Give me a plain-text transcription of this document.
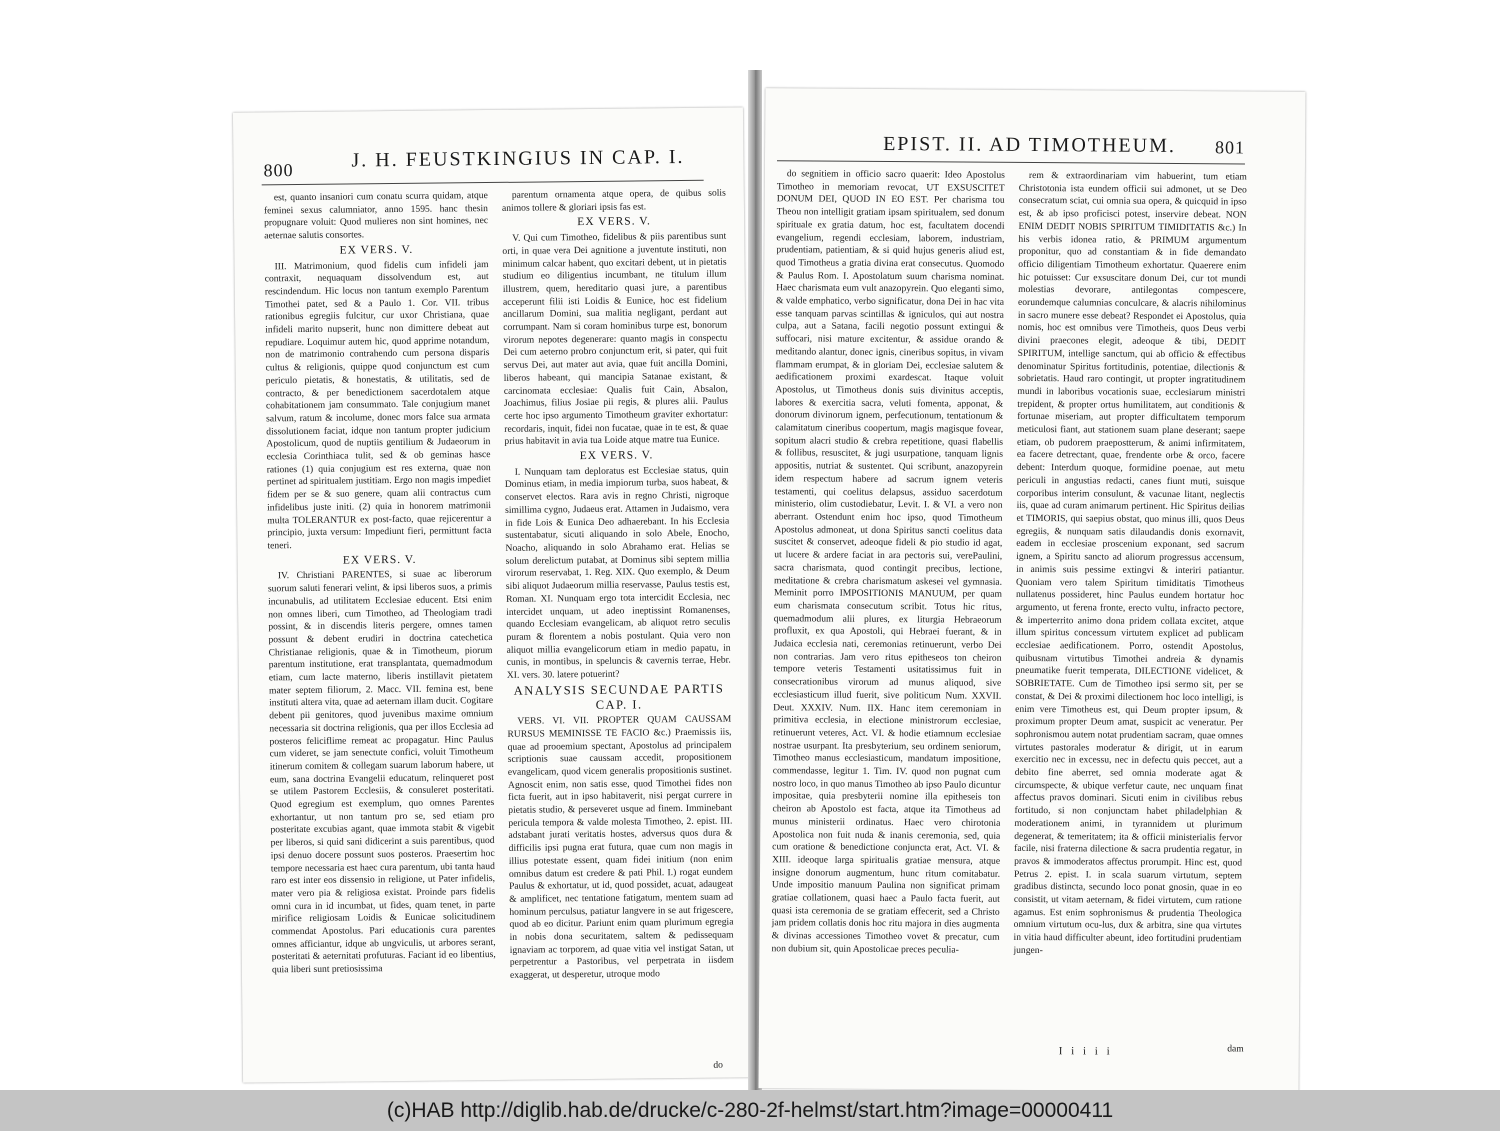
800	J. H. FEUSTKINGIUS IN CAP. I.

est, quanto insaniori cum conatu scurra quidam, atque feminei sexus calumniator, anno 1595. hanc thesin propugnare voluit: Quod mulieres non sint homines, nec aeternae salutis consortes.

EX VERS. V.

III. Matrimonium, quod fidelis cum infideli jam contraxit, nequaquam dissolvendum est, aut rescindendum. Hic locus non tantum exemplo Parentum Timothei patet, sed & a Paulo 1. Cor. VII. tribus rationibus egregiis fulcitur, cur uxor Christiana, quae infideli marito nupserit, hunc non dimittere debeat aut repudiare. Loquimur autem hic, quod apprime notandum, non de matrimonio contrahendo cum persona disparis cultus & religionis, quippe quod conjunctum est cum periculo pietatis, & honestatis, & utilitatis, sed de contracto, & per benedictionem sacerdotalem atque cohabitationem jam consummato. Tale conjugium manet salvum, ratum & incolume, donec mors falce sua armata dissolutionem faciat, idque non tantum propter judicium Apostolicum, quod de nuptiis gentilium & Judaeorum in ecclesia Corinthiaca tulit, sed & ob geminas hasce rationes (1) quia conjugium est res externa, quae non pertinet ad spiritualem justitiam. Ergo non magis impediet fidem per se & suo genere, quam alii contractus cum infidelibus juste initi. (2) quia in honorem matrimonii multa TOLERANTUR ex post-facto, quae rejicerentur a principio, juxta versum: Impediunt fieri, permittunt facta teneri.

EX VERS. V.

IV. Christiani PARENTES, si suae ac liberorum suorum saluti fenerari velint, & ipsi liberos suos, a primis incunabulis, ad utilitatem Ecclesiae educent. Etsi enim non omnes liberi, cum Timotheo, ad Theologiam tradi possint, & in discendis literis pergere, omnes tamen possunt & debent erudiri in doctrina catechetica Christianae religionis, quae & in Timotheum, piorum parentum institutione, erat transplantata, quemadmodum etiam, cum lacte materno, liberis instillavit pietatem mater septem filiorum, 2. Macc. VII. femina est, bene instituti altera vita, quae ad aeternam illam ducit. Cogitare debent pii genitores, quod juvenibus maxime omnium necessaria sit doctrina religionis, qua per illos Ecclesia ad posteros feliciflime remeat ac propagatur. Hinc Paulus cum videret, se jam senectute confici, voluit Timotheum itinerum comitem & collegam suarum laborum habere, ut eum, sana doctrina Evangelii educatum, relinqueret post se utilem Pastorem Ecclesiis, & consuleret posteritati. Quod egregium est exemplum, quo omnes Parentes exhortantur, ut non tantum pro se, sed etiam pro posteritate excubias agant, quae immota stabit & vigebit per liberos, si quid sani didicerint a suis parentibus, quod ipsi denuo docere possunt suos posteros. Praesertim hoc tempore necessaria est haec cura parentum, ubi tanta haud raro est inter eos dissensio in religione, ut Pater infidelis, mater vero pia & religiosa existat. Proinde pars fidelis omni cura in id incumbat, ut fides, quam tenet, in parte mirifice religiosam Loidis & Eunicae solicitudinem commendat Apostolus. Pari educationis cura parentes omnes afficiantur, idque ab ungviculis, ut arbores serant, posteritati & aeternitati profuturas. Faciant id eo libentius, quia liberi sunt pretiosissima

parentum ornamenta atque opera, de quibus solis animos tollere & gloriari ipsis fas est.

EX VERS. V.

V. Qui cum Timotheo, fidelibus & piis parentibus sunt orti, in quae vera Dei agnitione a juventute instituti, non minimum calcar habent, quo excitari debent, ut in pietatis studium eo diligentius incumbant, ne titulum illum illustrem, quem, hereditario quasi jure, a parentibus acceperunt filii isti Loidis & Eunice, hoc est fidelium ancillarum Domini, sua malitia negligant, perdant aut corrumpant. Nam si coram hominibus turpe est, bonorum virorum nepotes degenerare: quanto magis in conspectu Dei cum aeterno probro conjunctum erit, si pater, qui fuit servus Dei, aut mater aut avia, quae fuit ancilla Domini, liberos habeant, qui mancipia Satanae existant, & carcinomata ecclesiae: Qualis fuit Cain, Absalon, Joachimus, filius Josiae pii regis, & plures alii. Paulus certe hoc ipso argumento Timotheum graviter exhortatur: recordaris, inquit, fidei non fucatae, quae in te est, & quae prius habitavit in avia tua Loide atque matre tua Eunice.

EX VERS. V.

I. Nunquam tam deploratus est Ecclesiae status, quin Dominus etiam, in media impiorum turba, suos habeat, & conservet electos. Rara avis in regno Christi, nigroque simillima cygno, Judaeus erat. Attamen in Judaismo, vera in fide Lois & Eunica Deo adhaerebant. In his Ecclesia sustentabatur, sicuti aliquando in solo Abele, Enocho, Noacho, aliquando in solo Abrahamo erat. Helias se solum derelictum putabat, at Dominus sibi septem millia virorum reservabat, 1. Reg. XIX. Quo exemplo, & Deum sibi aliquot Judaeorum millia reservasse, Paulus testis est, Roman. XI. Nunquam ergo tota intercidit Ecclesia, nec intercidet unquam, ut adeo ineptissint Romanenses, quando Ecclesiam evangelicam, ab aliquot retro seculis puram & florentem a nobis postulant. Quia vero non aliquot millia evangelicorum etiam in medio papatu, in cunis, in montibus, in speluncis & cavernis terrae, Hebr. XI. vers. 30. latere potuerint?

ANALYSIS SECUNDAE PARTIS
CAP. I.

VERS. VI. VII. PROPTER QUAM CAUSSAM RURSUS MEMINISSE TE FACIO &c.) Praemissis iis, quae ad prooemium spectant, Apostolus ad principalem scriptionis suae caussam accedit, propositionem evangelicam, quod vicem generalis propositionis sustinet. Agnoscit enim, non satis esse, quod Timothei fides non ficta fuerit, aut in ipso habitaverit, nisi pergat currere in pietatis studio, & perseveret usque ad finem. Imminebant pericula tempora & valde molesta Timotheo, 2. epist. III. adstabant jurati veritatis hostes, adversus quos dura & difficilis ipsi pugna erat futura, quae cum non magis in illius potestate essent, quam fidei initium (non enim omnibus datum est credere & pati Phil. I.) rogat eundem Paulus & exhortatur, ut id, quod possidet, acuat, adaugeat & amplificet, nec tentatione fatigatum, mentem suam ad hominum perculsus, patiatur langvere in se aut frigescere, quod ab eo dicitur. Pariunt enim quam plurimum egregia in nobis dona securitatem, saltem & pedissequam ignaviam ac torporem, ad quae vitia vel instigat Satan, ut perpetrentur a Pastoribus, vel perpetrata in iisdem exaggerat, ut desperetur, utroque modo

do
EPIST. II. AD TIMOTHEUM. 801

do segnitiem in officio sacro quaerit: Ideo Apostolus Timotheo in memoriam revocat, UT EXSUSCITET DONUM DEI, QUOD IN EO EST. Per charisma tou Theou non intelligit gratiam ipsam spiritualem, sed donum spirituale ex gratia datum, hoc est, facultatem docendi evangelium, regendi ecclesiam, laborem, industriam, prudentiam, patientiam, & si quid hujus generis aliud est, quod Timotheus a gratia divina erat consecutus. Quomodo & Paulus Rom. I. Apostolatum suum charisma nominat. Haec charismata eum vult anazopyrein. Quo eleganti simo, & valde emphatico, verbo significatur, dona Dei in hac vita esse tanquam parvas scintillas & igniculos, qui aut nostra culpa, aut a Satana, facili negotio possunt extingui & suffocari, nisi mature excitentur, & assidue orando & meditando alantur, donec ignis, cineribus sopitus, in vivam flammam erumpat, & in gloriam Dei, ecclesiae salutem & aedificationem proximi exardescat. Itaque voluit Apostolus, ut Timotheus donis suis divinitus acceptis, labores & exercitia sacra, veluti fomenta, apponat, & donorum divinorum ignem, perfecutionum, tentationum & calamitatum cineribus coopertum, magis magisque fovear, sopitum alacri studio & crebra repetitione, quasi flabellis & follibus, resuscitet, & jugi usurpatione, tanquam lignis appositis, nutriat & sustentet. Qui scribunt, anazopyrein idem respectum habere ad sacrum ignem veteris testamenti, qui coelitus delapsus, assiduo sacerdotum ministerio, olim custodiebatur, Levit. I. & VI. a vero non aberrant. Ostendunt enim hoc ipso, quod Timotheum Apostolus admoneat, ut dona Spiritus sancti coelitus data suscitet & conservet, adeoque fideli & pio studio id agat, ut lucere & ardere faciat in ara pectoris sui, verePaulini, sacra charismata, quod contingit precibus, lectione, meditatione & crebra charismatum askesei vel gymnasia. Meminit porro IMPOSITIONIS MANUUM, per quam eum charismata consecutum scribit. Totus hic ritus, quemadmodum alii plures, ex liturgia Hebraeorum profluxit, ex qua Apostoli, qui Hebraei fuerant, & in Judaica ecclesia nati, ceremonias retinuerunt, verbo Dei non contrarias. Jam vero ritus epitheseos ton cheiron tempore veteris Testamenti usitatissimus fuit in consecrationibus virorum ad munus aliquod, sive ecclesiasticum illud fuerit, sive politicum Num. XXVII. Deut. XXXIV. Num. IIX. Hanc item ceremoniam in primitiva ecclesia, in electione ministrorum ecclesiae, retinuerunt veteres, Act. VI. & hodie etiamnum ecclesiae nostrae usurpant. Ita presbyterium, seu ordinem seniorum, Timotheo manus ecclesiasticum, mandatum impositione, commendasse, legitur 1. Tim. IV. quod non pugnat cum nostro loco, in quo manus Timotheo ab ipso Paulo dicuntur impositae, quia presbyterii nomine illa epitheseis ton cheiron ab Apostolo est facta, atque ita Timotheus ad munus ministerii ordinatus. Haec vero chirotonia Apostolica non fuit nuda & inanis ceremonia, sed, quia cum oratione & benedictione conjuncta erat, Act. VI. & XIII. ideoque larga spiritualis gratiae mensura, atque insigne donorum augmentum, hunc ritum comitabatur. Unde impositio manuum Paulina non significat primam gratiae collationem, quasi haec a Paulo facta fuerit, aut quasi ista ceremonia de se gratiam effecerit, sed a Christo jam pridem collatis donis hoc ritu majora in dies augmenta & divinas accessiones Timotheo vovet & precatur, cum non dubium sit, quin Apostolicae preces peculia-

rem & extraordinariam vim habuerint, tum etiam Christotonia ista eundem officii sui admonet, ut se Deo consecratum sciat, cui omnia sua opera, & quicquid in ipso est, & ab ipso proficisci potest, inservire debeat. NON ENIM DEDIT NOBIS SPIRITUM TIMIDITATIS &c.) In his verbis idonea ratio, & PRIMUM argumentum proponitur, quo ad constantiam & in fide demandato officio diligentiam Timotheum exhortatur. Quaerere enim hic potuisset: Cur exsuscitare donum Dei, cur tot mundi molestias devorare, antilegontas compescere, eorundemque calumnias conculcare, & alacris nihilominus in sacro munere esse debeat? Respondet ei Apostolus, quia nomis, hoc est omnibus vere Timotheis, quos Deus verbi divini praecones elegit, adeoque & tibi, DEDIT SPIRITUM, intellige sanctum, qui ab officio & effectibus denominatur Spiritus fortitudinis, potentiae, dilectionis & sobrietatis. Haud raro contingit, ut propter ingratitudinem mundi in laboribus vocationis suae, ecclesiarum ministri trepident, & propter ortus humilitatem, aut conditionis & fortunae miseriam, aut propter difficultatem temporum meticulosi fiant, aut stationem suam plane deserant; saepe etiam, ob pudorem praepostterum, & animi infirmitatem, ea facere detrectant, quae, frendente orbe & orco, facere debent: Interdum quoque, formidine poenae, aut metu periculi in angustias redacti, canes fiunt muti, suisque corporibus interim consulunt, & vacunae litant, neglectis iis, quae ad curam animarum pertinent. Hic Spiritus deilias et TIMORIS, qui saepius obstat, quo minus illi, quos Deus egregiis, & nunquam satis dilaudandis donis exornavit, eadem in ecclesiae proscenium exponant, sed sacrum ignem, a Spiritu sancto ad aliorum progressus accensum, in animis suis pessime extingvi & interiri patiantur. Quoniam vero talem Spiritum timiditatis Timotheus nullatenus possideret, hinc Paulus eundem hortatur hoc argumento, ut ferena fronte, erecto vultu, infracto pectore, & imperterrito animo dona pridem collata excitet, atque illum spiritus concessum virtutem explicet ad publicam ecclesiae aedificationem. Porro, ostendit Apostolus, quibusnam virtutibus Timothei andreia & dynamis pneumatike fuerit temperata, DILECTIONE videlicet, & SOBRIETATE. Cum de Timotheo ipsi sermo sit, per se constat, & Dei & proximi dilectionem hoc loco intelligi, is enim vere Timotheus est, qui Deum propter ipsum, & proximum propter Deum amat, suspicit ac veneratur. Per sophronismou autem notat prudentiam sacram, quae omnes virtutes pastorales moderatur & dirigit, ut in earum exercitio nec in excessu, nec in defectu quis peccet, aut a debito fine aberret, sed omnia moderate agat & circumspecte, & ubique verfetur caute, nec unquam finat affectus pravos dominari. Sicuti enim in civilibus rebus fortitudo, si non conjunctam habet philadelphian & moderationem animi, in tyrannidem ut plurimum degenerat, & temeritatem; ita & officii ministerialis fervor facile, nisi fraterna dilectione & sacra prudentia regatur, in pravos & immoderatos affectus prorumpit. Hinc est, quod Petrus 2. epist. I. in scala suarum virtutum, septem gradibus distincta, secundo loco ponat gnosin, quae in eo consistit, ut vitam aeternam, & fidei virtutem, cum ratione agamus. Est enim sophronismus & prudentia Theologica omnium virtutum ocu-lus, dux & arbitra, sine qua virtutes in vitia haud difficulter abeunt, ideo fortitudini prudentiam jungen-

I i i i i	dam
(c)HAB http://diglib.hab.de/drucke/c-280-2f-helmst/start.htm?image=00000411
